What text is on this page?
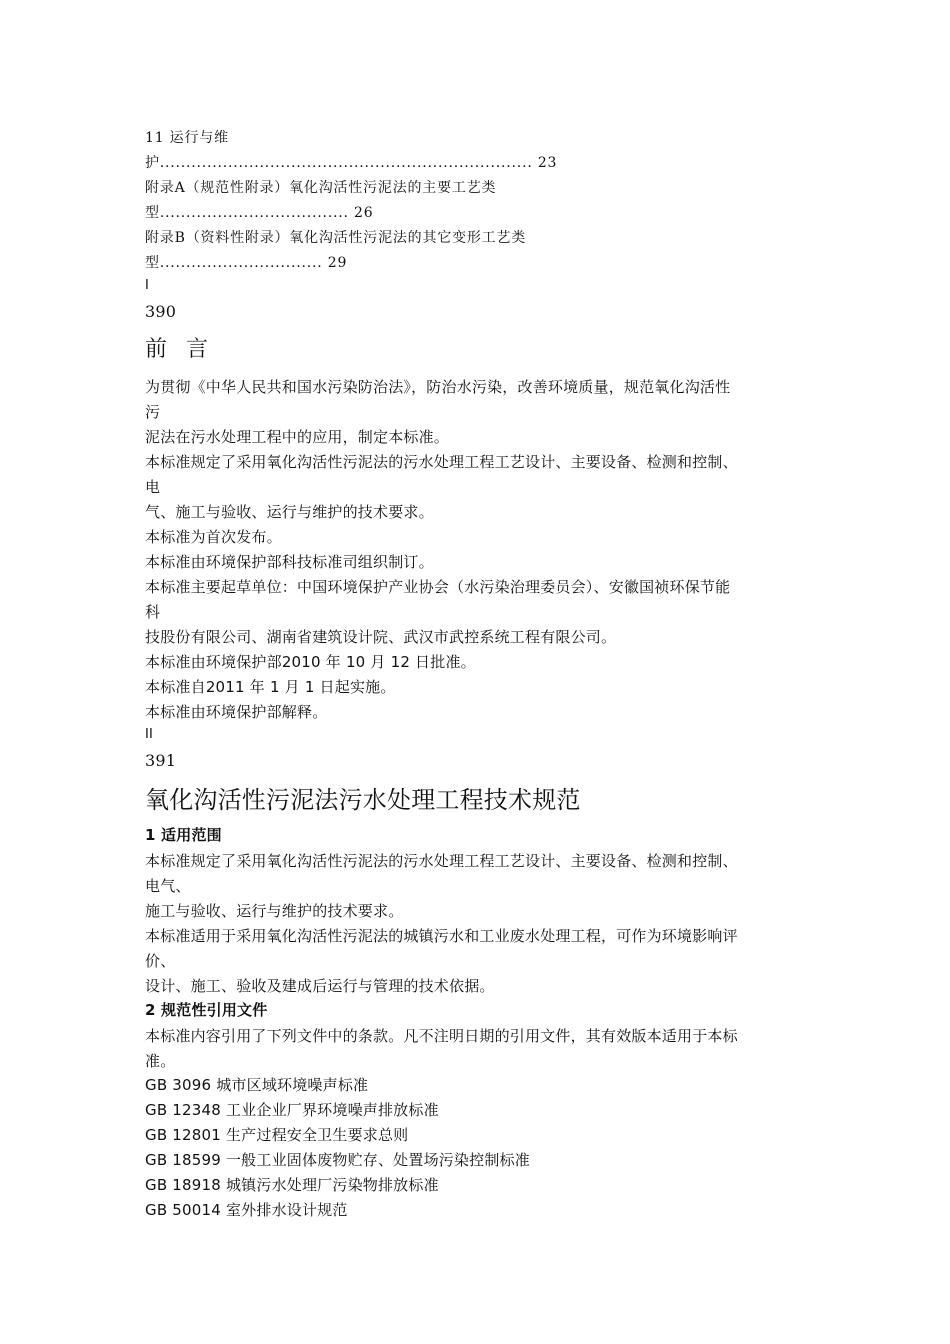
11 运行与维
护....................................................................... 23
附录A（规范性附录）氧化沟活性污泥法的主要工艺类
型.................................... 26
附录B（资料性附录）氧化沟活性污泥法的其它变形工艺类
型............................... 29
I
390
前 言
为贯彻《中华人民共和国水污染防治法》，防治水污染，改善环境质量，规范氧化沟活性
污
泥法在污水处理工程中的应用，制定本标准。
本标准规定了采用氧化沟活性污泥法的污水处理工程工艺设计、主要设备、检测和控制、
电
气、施工与验收、运行与维护的技术要求。
本标准为首次发布。
本标准由环境保护部科技标准司组织制订。
本标准主要起草单位：中国环境保护产业协会（水污染治理委员会）、安徽国祯环保节能
科
技股份有限公司、湖南省建筑设计院、武汉市武控系统工程有限公司。
本标准由环境保护部2010 年 10 月 12 日批准。
本标准自2011 年 1 月 1 日起实施。
本标准由环境保护部解释。
II
391
氧化沟活性污泥法污水处理工程技术规范
1 适用范围
本标准规定了采用氧化沟活性污泥法的污水处理工程工艺设计、主要设备、检测和控制、
电气、
施工与验收、运行与维护的技术要求。
本标准适用于采用氧化沟活性污泥法的城镇污水和工业废水处理工程，可作为环境影响评
价、
设计、施工、验收及建成后运行与管理的技术依据。
2 规范性引用文件
本标准内容引用了下列文件中的条款。凡不注明日期的引用文件，其有效版本适用于本标
准。
GB 3096 城市区域环境噪声标准
GB 12348 工业企业厂界环境噪声排放标准
GB 12801 生产过程安全卫生要求总则
GB 18599 一般工业固体废物贮存、处置场污染控制标准
GB 18918 城镇污水处理厂污染物排放标准
GB 50014 室外排水设计规范
